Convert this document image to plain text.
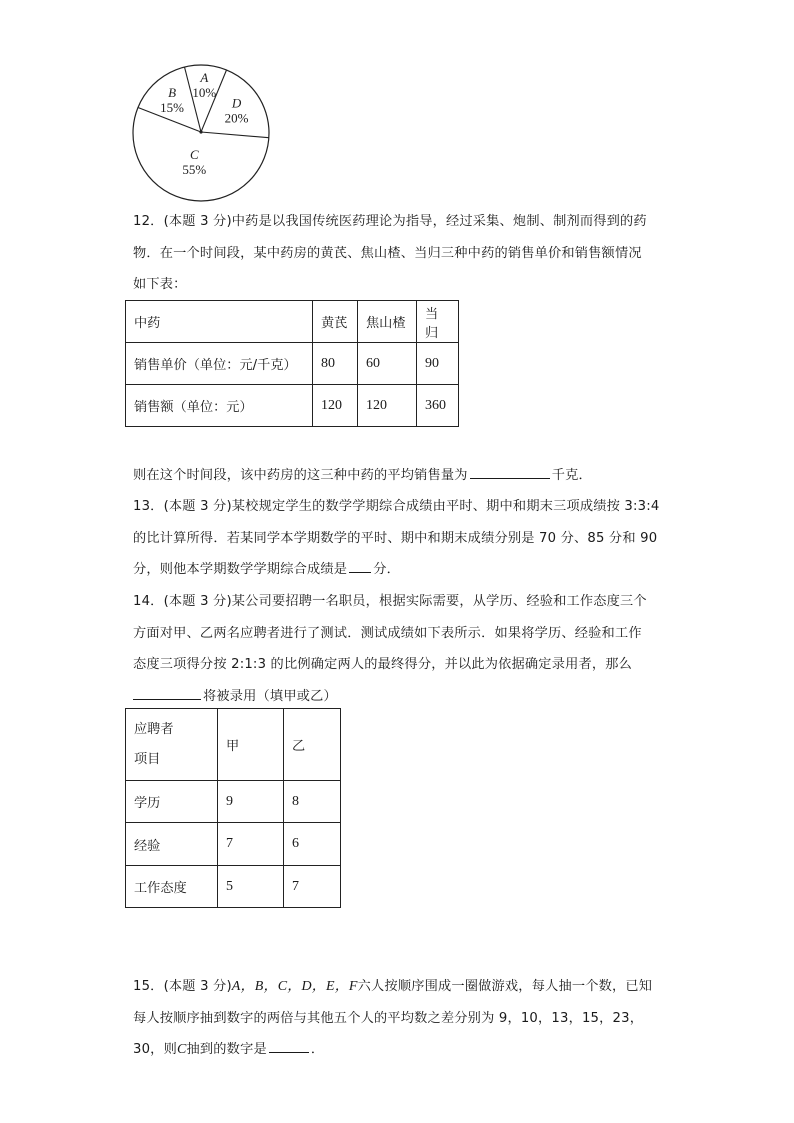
A
10%
D
20%
C
55%
B
15%
12．(本题 3 分)中药是以我国传统医药理论为指导，经过采集、炮制、制剂而得到的药
物．在一个时间段，某中药房的黄芪、焦山楂、当归三种中药的销售单价和销售额情况
如下表：
中药	黄芪	焦山楂	当归
销售单价（单位：元/千克）	80	60	90
销售额（单位：元）	120	120	360
则在这个时间段，该中药房的这三种中药的平均销售量为	千克．
13．(本题 3 分)某校规定学生的数学学期综合成绩由平时、期中和期末三项成绩按 3:3:4
的比计算所得．若某同学本学期数学的平时、期中和期末成绩分别是 70 分、85 分和 90
分，则他本学期数学学期综合成绩是 分．
14．(本题 3 分)某公司要招聘一名职员，根据实际需要，从学历、经验和工作态度三个
方面对甲、乙两名应聘者进行了测试．测试成绩如下表所示．如果将学历、经验和工作
态度三项得分按 2:1:3 的比例确定两人的最终得分，并以此为依据确定录用者，那么
将被录用（填甲或乙）
应聘者
项目	甲	乙
学历	9	8
经验	7	6
工作态度	5	7
15．(本题 3 分)A，B，C，D，E，F六人按顺序围成一圈做游戏，每人抽一个数，已知
每人按顺序抽到数字的两倍与其他五个人的平均数之差分别为 9，10，13，15，23，
30，则C抽到的数字是	．
